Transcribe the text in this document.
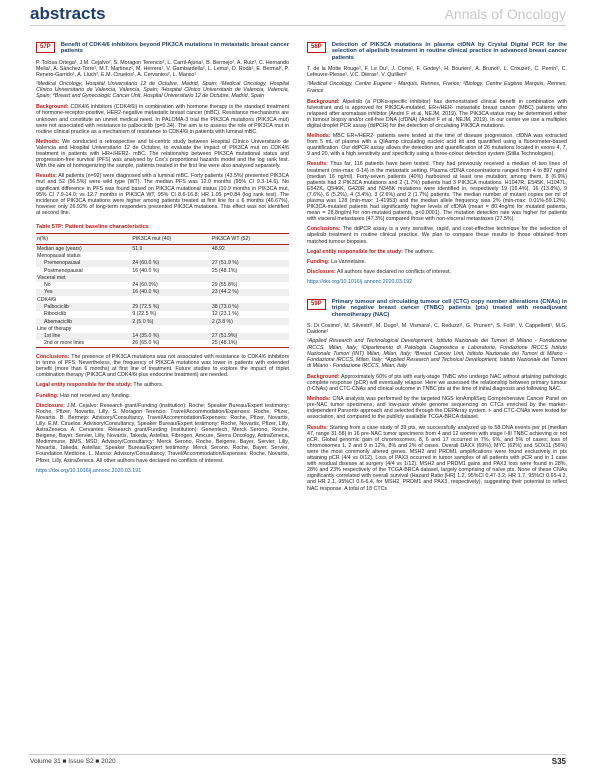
abstracts	Annals of Oncology
57P	Benefit of CDK4/6 inhibitors beyond PIK3CA mutations in metastatic breast cancer patients
P. Tolosa Ortega¹, J.M. Cejalvo², S. Moragon Terencio², L. Carril-Ajuria¹, B. Bermejo², A. Ruiz³, C. Hernando Melia², A. Sánchez-Torre¹, M.T. Martinez², M. Herrera¹, V. Gambardella², L. Lema¹, D. Rodà², E. Bermal², P. Renero-Garrido¹, A. Lluch², E.M. Ciruelos¹, A. Cervantes², L. Manso¹
¹Medical Oncology, Hospital Universitario 12 de Octubre, Madrid, Spain; ²Medical Oncology, Hospital Clínico Universitario de Valencia, Valencia, Spain; ³Hospital Clínico Universitario de Valencia, Valencia, Spain; ⁴Breast and Gynecologic Cancer Unit, Hospital Universitario 12 de Octubre, Madrid, Spain

Background: CDK4/6 inhibitors (CDK4/6i) in combination with hormone therapy is the standard treatment of hormone-receptor-positive, HER2-negative metastatic breast cancer (mBC). Resistance mechanisms are unknown and constitute an unmet medical need. In PALOMA-3 trial the PIK3CA mutations (PIK3CA mut) were not associated with resistance to palbociclib (p=0.34). The aim is to assess the role of PIK3CA mut in routine clinical practice as a mechanism of resistance to CDK4/6i in patients with luminal mBC.

Methods: We conducted a retrospective and bi-centric study between Hospital Clínico Universitario de Valencia and Hospital Universitario 12 de Octubre, to evaluate the impact of PIK3CA mut on CDK4/6 treatment in patients with HR+/HER2- mBC. The relationship between PIK3CA mutational status and progression-free survival (PFS) was analysed by Cox's proportional hazards model and the log rank test. With the aim of homogenizing the sample, patients treated in the first line were also analysed separately.

Results: All patients (n=92) were diagnosed with a luminal mBC. Forty patients (43.5%) presented PIK3CA mut and 52 (56.5%) were wild type (WT). The median PFS was 12.0 months (95% CI 9.3-14.6). No significant difference in PFS was found based on PIK3CA mutational status (10.9 months in PIK3CA mut, 95% CI 7.9-14.0; vs 12.7 months in PIK3CA WT, 95% CI 8.6-16.8; HR 1.05 p=0.84 (log rank test). The incidence of PIK3CA mutations were higher among patients treated at first line for ≤ 6 months (46.67%), however only 26.92% of long-term responders presented PIK3CA mutations. This effect was not identified at second line.

Table 57P: Patient baseline characteristics
n(%)	PIK3CA mut (40)	PIK3CA WT (52)
Median age (years)	51.9	48.92
Menopausal status		
Premenopausal	24 (60.0 %)	27 (51.9 %)
Postmenopausal	16 (40.0 %)	25 (48.1%)
Visceral met		
No	24 (60.0%)	29 (55.8%)
Yes	16 (40.0 %)	23 (44.2 %)
CDK4/6i		
Palbociclib	29 (72.5 %)	38 (73.0 %)
Ribociclib	9 (22.5 %)	12 (23.1 %)
Abemaciclib	2 (5.0 %)	2 (3.8 %)
Line of therapy		
1st line	14 (35.0 %)	27 (51.9%)
2nd or more lines	26 (65.0 %)	25 (48.1%)

Conclusions: The presence of PIK3CA mutations was not associated with resistance to CDK4/6 inhibitors in terms of PFS. Nevertheless, the frequency of PIK3CA mutations was lower in patients with extended benefit (more than 6 months) at first line of treatment. Future studies to explore the impact of triplet combination therapy (PIK3CA and CDK4/6i plus endocrine treatment) are needed.

Legal entity responsible for the study: The authors.

Funding: Has not received any funding.

Disclosure: J.M. Cejalvo: Research grant/Funding (institution): Roche; Speaker Bureau/Expert testimony: Roche, Pfizer, Novartis, Lilly. S. Moragon Terencio: Travel/Accommodation/Expenses: Roche, Pfizer, Novartis. B. Bermejo: Advisory/Consultancy, Travel/Accommodation/Expenses: Roche, Pfizer, Novartis, Lilly. E.M. Ciruelos: Advisory/Consultancy, Speaker Bureau/Expert testimony: Roche, Novartis, Pfizer, Lilly, AstraZeneca. A. Cervantes: Research grant/Funding (institution): Genentech, Merck Serono, Roche, Beigene, Bayer, Servier, Lilly, Novartis, Takeda, Astellas, Fibrogen, Amcure, Sierra Oncology, AstraZeneca, Medimmune, BMS, MSD; Advisory/Consultancy: Merck Serono, Roche, Beigene, Bayer, Servier, Lilly, Novartis, Takeda, Astellas; Speaker Bureau/Expert testimony: Merck Serono, Roche, Bayer, Servier, Foundation Medicine. L. Manso: Advisory/Consultancy, Travel/Accommodation/Expenses: Roche, Novartis, Pfizer, Lilly, AstraZeneca. All other authors have declared no conflicts of interest.

https://doi.org/10.1016/j.annonc.2020.03.191
58P	Detection of PIK3CA mutations in plasma ctDNA by Crystal Digital PCR for the selection of alpelisib treatment in routine clinical practice in advanced breast cancer patients
T. de la Motte Rouge¹, F. Le Du¹, J. Corre¹, F. Godey¹, H. Bourien¹, A. Brunot¹, L. Crouzet¹, C. Perrin¹, C. Lefeuvre-Plesse¹, V.C. Diéras¹, V. Quillien²
¹Medical Oncology, Centre Eugene - Marquis, Rennes, France; ²Biology, Centre Eugène Marquis, Rennes, France

Background: Alpelisib (a PI3Kα-specific inhibitor) has demonstrated clinical benefit in combination with fulvestrant and is approved for PIK3CA-mutated, ER+/HER- metastatic breast cancer (MBC) patients who relapsed after aromatase inhibitor (André F et al, NEJM, 2019). The PIK3CA status may be determined either in tumour biopsy and/or cell-free DNA (cfDNA) (André F et al, NEJM, 2019). In our center we use a multiplex digital droplet PCR assay (ddPCR) for the detection of circulating PIK3CA mutations.

Methods: MBC ER+/HER2- patients were tested at the time of disease progression. cfDNA was extracted from 5 mL of plasma with a QIAamp circulating nucleic acid kit and quantified using a fluorometer-based quantification. Our ddPCR assay allows the detection and quantification of 26 mutations located in exons 4, 7, 9 and 20, with a high sensitivity and specificity using a three-colour detection system (Stilla Technologies).

Results: Thus far, 116 patients have been tested. They had previously received a median of two lines of treatment (min-max: 0-14) in the metastatic setting. Plasma cfDNA concentrations ranged from 4 to 897 ng/ml (median 16 ng/ml). Forty-seven patients (40%) harboured at least one mutation; among them, 8 (6.9%) patients had 2 PIK3CA mutations and 2 (1.7%) patients had 3 PIK3CA mutations. H1047R, E545K, H1047L, E542K, Q546K, G420R and N345K mutations were identified in, respectively 19 (16.4%), 16 (13.8%), 9 (7.6%), 6 (5.2%), 4 (3.4%), 3 (2.6%) and 2 (1.7%) patients. The median number of mutant copies per ml of plasma was 128 (min-max: 1-41953) and the median allele frequency was 2% (min-max: 0.01%-59.12%). PIK3CA-mutated patients had significantly higher levels of cfDNA (mean = 80.4ng/ml for mutated patients, mean = 28.8ng/ml for non-mutated patients, p<0.0001). The mutation detection rate was higher for patients with visceral metastases (47.3%) compared those with non-visceral metastases (27.5%).

Conclusions: The ddPCR assay is a very sensitive, rapid, and cost-effective technique for the selection of alpelisib treatment in routine clinical practice. We plan to compare these results to those obtained from matched tumour biopsies.

Legal entity responsible for the study: The authors.

Funding: La Vannetaise.

Disclosure: All authors have declared no conflicts of interest.

https://doi.org/10.1016/j.annonc.2020.03.192
59P	Primary tumour and circulating tumour cell (CTC) copy number alterations (CNAs) in triple negative breast cancer (TNBC) patients (pts) treated with neoadjuvant chemotherapy (NAC)
S. Di Cosimo¹, M. Silvestri², M. Dugo³, M. Vismara¹, C. Reduzzi¹, G. Pruneri⁴, S. Folli⁵, V. Cappelletti¹, M.G. Daidone¹
¹Applied Research and Technological Development, Istituto Nazionale dei Tumori di Milano - Fondazione IRCCS, Milan, Italy; ²Dipartimento di Patologia Diagnostica e Laboratorio, Fondazione IRCCS Istituto Nazionale Tumori (INT) Milan, Milan, Italy; ³Breast Cancer Unit, Istituto Nazionale dei Tumori di Milano - Fondazione IRCCS, Milan, Italy; ⁴Applied Research and Technical Development, Istituto Nazionale dei Tumori di Milano - Fondazione IRCCS, Milan, Italy

Background: Approximately 60% of pts with early-stage TNBC who undergo NAC without attaining pathologic complete response (pCR) will eventually relapse. Here we assessed the relationship between primary tumour (t-CNAs) and CTC-CNAs and clinical outcome in TNBC pts at the time of initial diagnosis and following NAC.

Methods: CNA analysis was performed by the targeted NGS IonAmpliSeq Comprehensive Cancer Panel on pre-NAC tumor specimens, and low-pass whole genome sequencing on CTCs enriched by the marker-independent Parsortix approach and selected through the DEPArray system. t- and CTC-CNAs were tested for association, and compared to the publicly available TCGA-BRCA dataset.

Results: Starting from a case study of 39 pts, we successfully analyzed up to 58 DNA events per pt (median 47, range 31-58) in 16 pre-NAC tumor specimens from 4 and 12 women with stage I-III TNBC achieving or not pCR. Global genomic gain of chromosomes, 8, 6 and 17 occurred in 7%, 6%, and 5% of cases; loss of chromosomes 1, 2 and 9 in 12%, 8% and 2% of cases. Overall DAXX (69%), MYC (62%) and SOX11 (56%) were the most commonly altered genes. MSH2 and PRDM1 amplifications were found exclusively in pts attaining pCR (4/4 vs 0/12). Loss of PAX3 occurred in tumor samples of all patients with pCR and in 1 case with residual disease at surgery (4/4 vs 1/12). MSH2 and PRDM1 gains and PAX3 loss were found in 28%, 28% and 23% respectively of the TCGA-BRCA dataset, largely comprising of naïve pts. None of these CNAs significantly correlated with overall survival (Hazard Ratio [HR] 1.2, 95%CI 0.47-3.2; HR 1.7, 95%CI 0.65-4.2, and HR 2.1, 95%CI 0.6-6.4, for MSH2, PRDM1 and PAX3, respectively), suggesting their potential to reflect NAC response. A total of 18 CTCs

Volume 31 ■ Issue S2 ■ 2020	S35
